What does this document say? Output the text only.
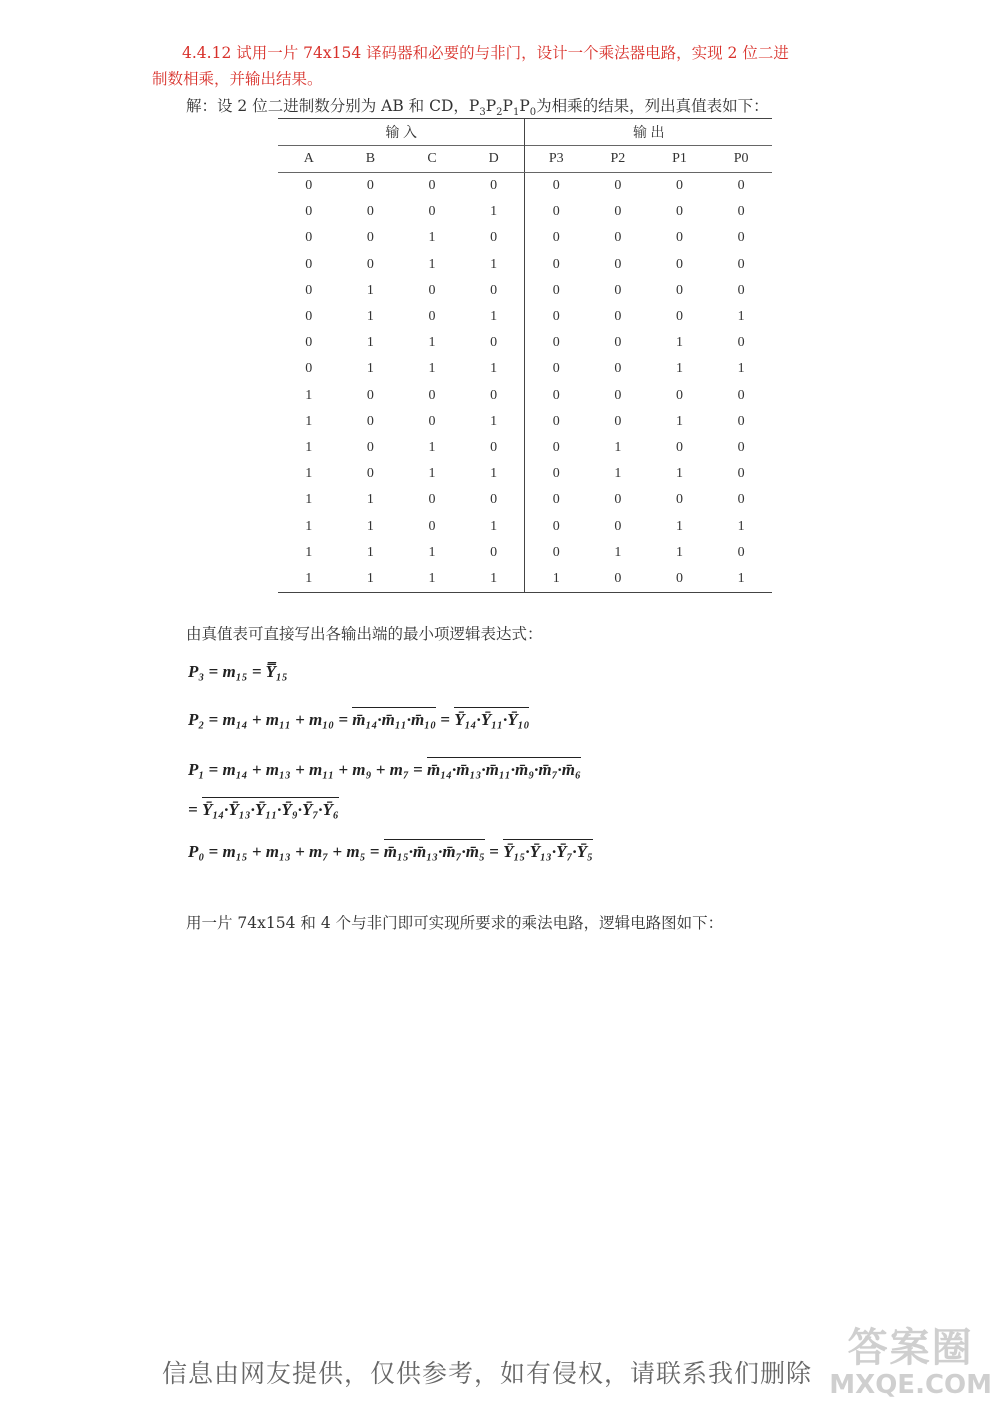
4.4.12 试用一片 74x154 译码器和必要的与非门，设计一个乘法器电路，实现 2 位二进
制数相乘，并输出结果。
解：设 2 位二进制数分别为 AB 和 CD，$P_3P_2P_1P_0$为相乘的结果，列出真值表如下：
输 入				输 出			
A	B	C	D	P3	P2	P1	P0
0	0	0	0	0	0	0	0
0	0	0	1	0	0	0	0
0	0	1	0	0	0	0	0
0	0	1	1	0	0	0	0
0	1	0	0	0	0	0	0
0	1	0	1	0	0	0	1
0	1	1	0	0	0	1	0
0	1	1	1	0	0	1	1
1	0	0	0	0	0	0	0
1	0	0	1	0	0	1	0
1	0	1	0	0	1	0	0
1	0	1	1	0	1	1	0
1	1	0	0	0	0	0	0
1	1	0	1	0	0	1	1
1	1	1	0	0	1	1	0
1	1	1	1	1	0	0	1
由真值表可直接写出各输出端的最小项逻辑表达式：
P₃ = m₁₅ = Y̿₁₅
P₂ = m₁₄ + m₁₁ + m₁₀ = m̄₁₄·m̄₁₁·m̄₁₀ = Ȳ₁₄·Ȳ₁₁·Ȳ₁₀
P₁ = m₁₄ + m₁₃ + m₁₁ + m₉ + m₇ = m̄₁₄·m̄₁₃·m̄₁₁·m̄₉·m̄₇·m̄₆
= Ȳ₁₄·Ȳ₁₃·Ȳ₁₁·Ȳ₉·Ȳ₇·Ȳ₆
P₀ = m₁₅ + m₁₃ + m₇ + m₅ = m̄₁₅·m̄₁₃·m̄₇·m̄₅ = Ȳ₁₅·Ȳ₁₃·Ȳ₇·Ȳ₅
用一片 74x154 和 4 个与非门即可实现所要求的乘法电路，逻辑电路图如下：
信息由网友提供，仅供参考，如有侵权，请联系我们删除
答案圈
MXQE.COM
